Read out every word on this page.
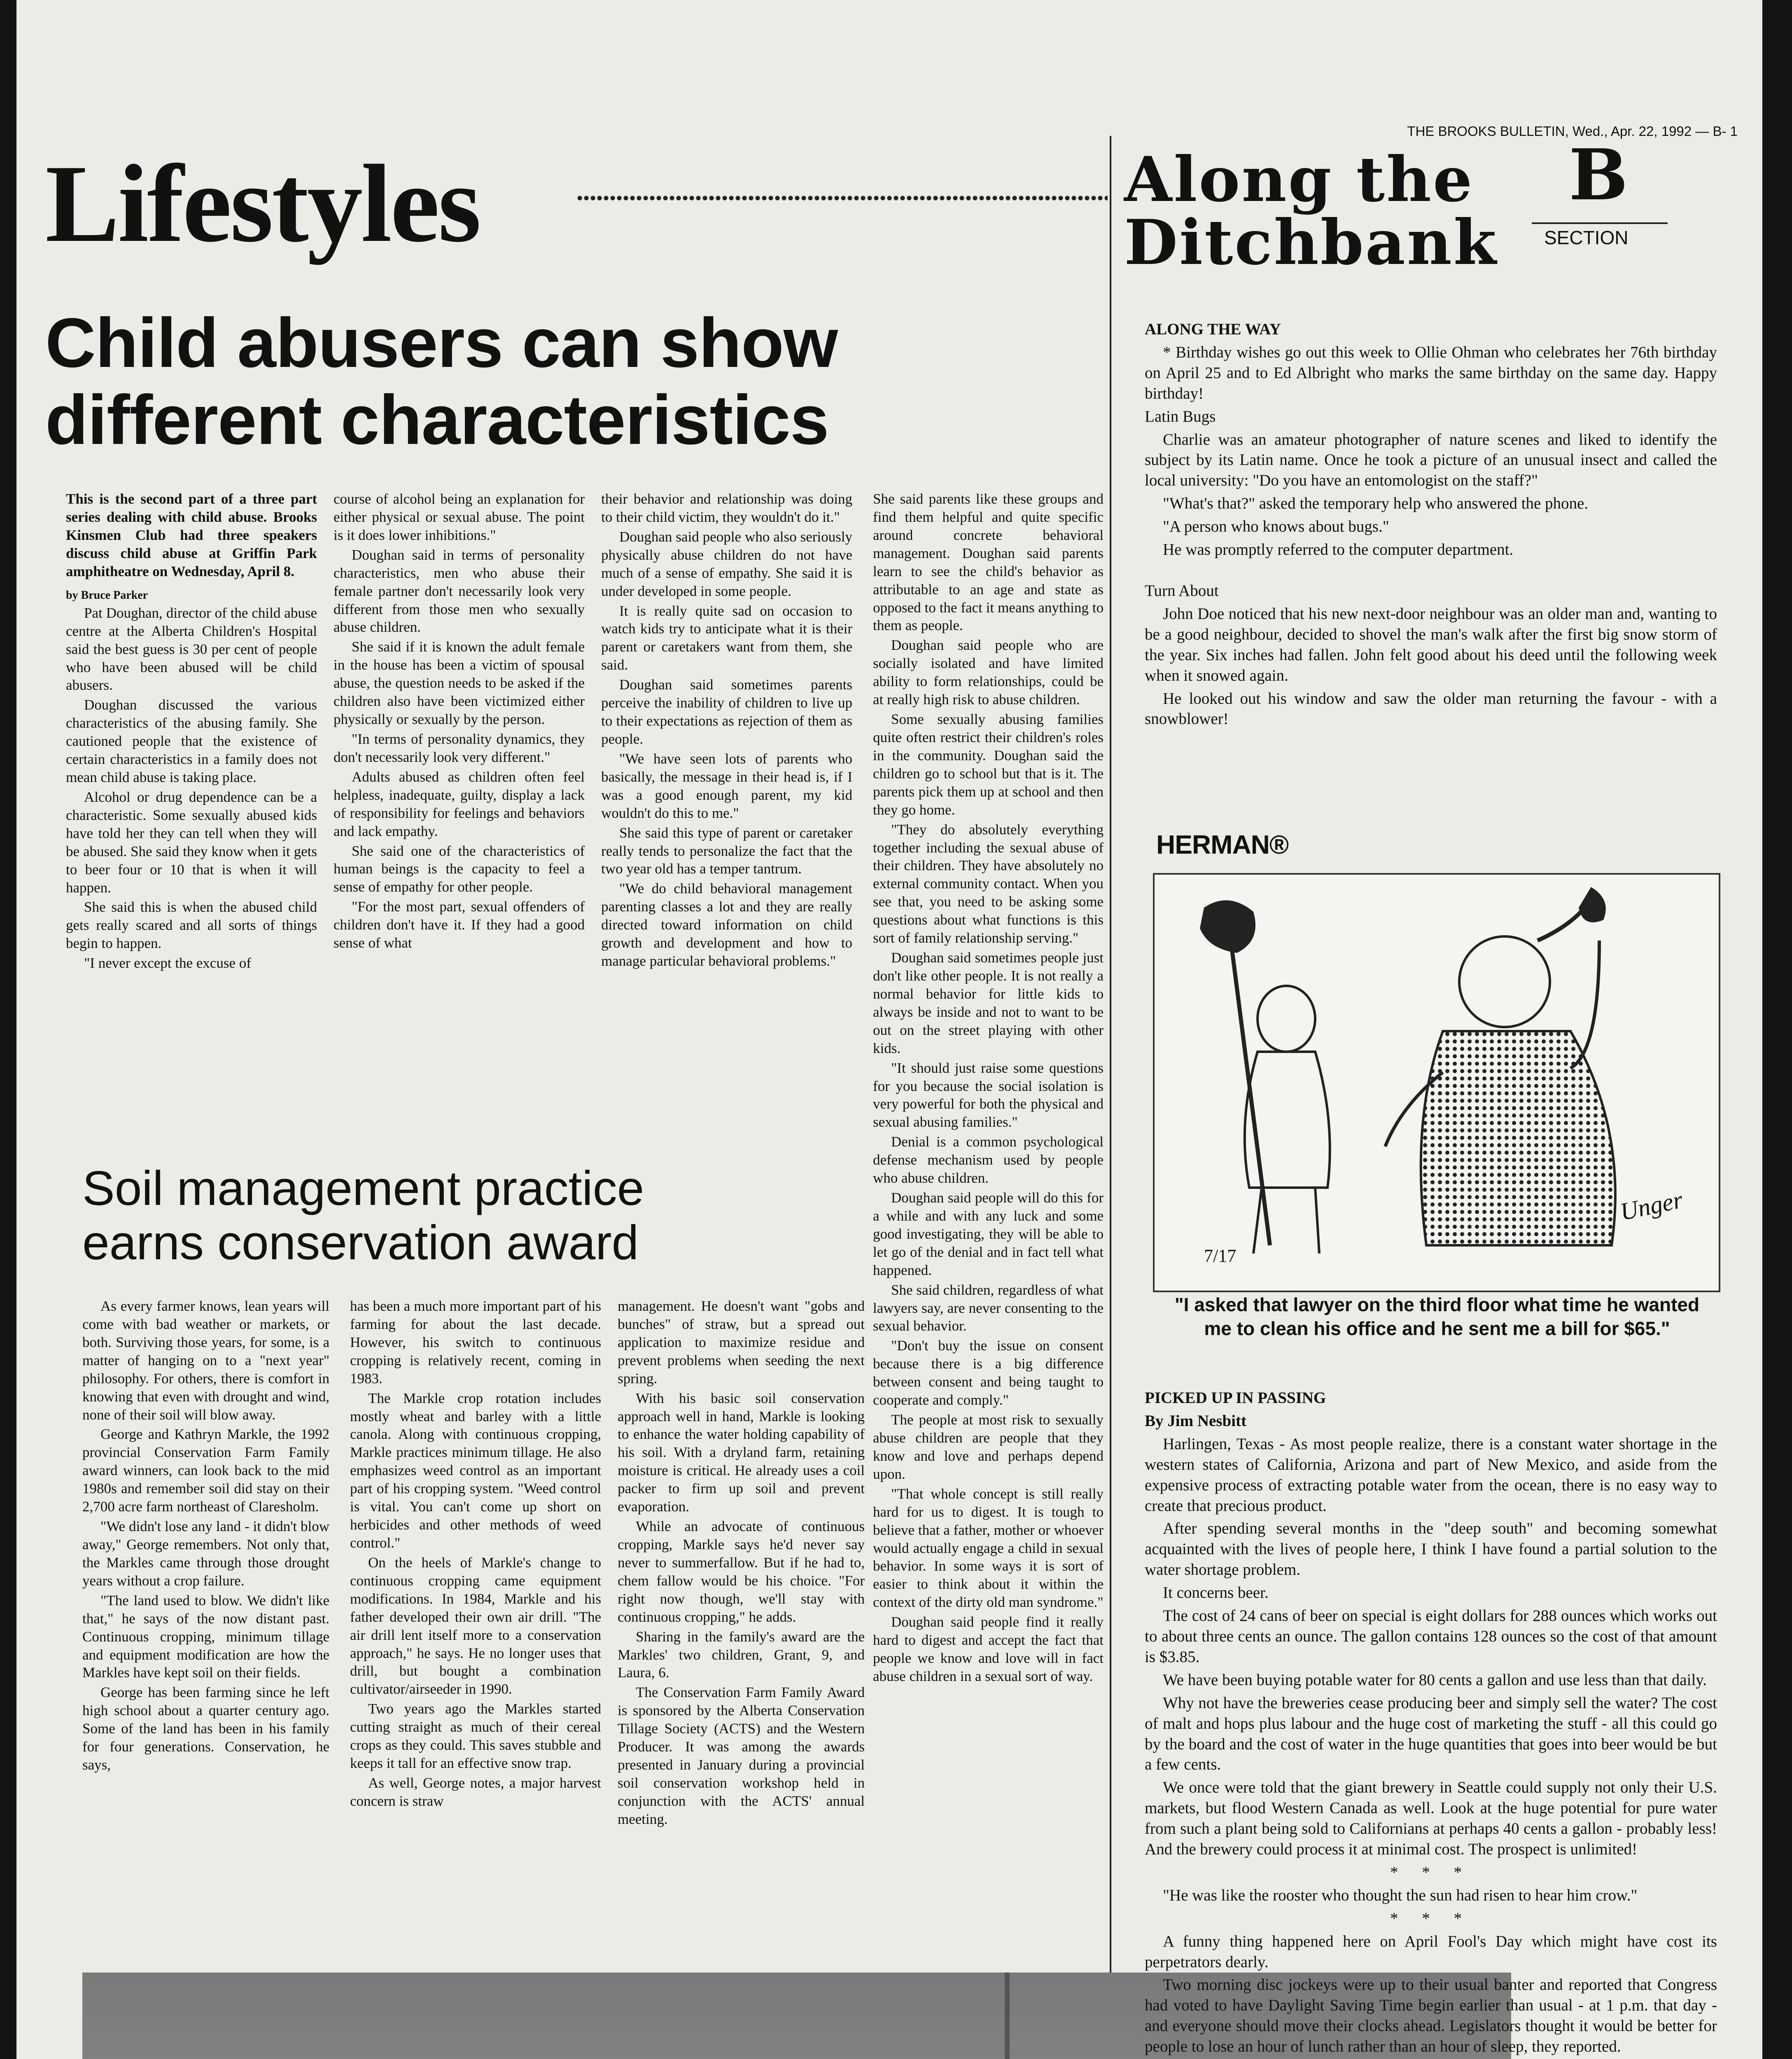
THE BROOKS BULLETIN, Wed., Apr. 22, 1992 — B- 1
Lifestyles
Child abusers can show
different characteristics

This is the second part of a three part series dealing with child abuse. Brooks Kinsmen Club had three speakers discuss child abuse at Griffin Park amphitheatre on Wednesday, April 8.

by Bruce Parker

Pat Doughan, director of the child abuse centre at the Alberta Children's Hospital said the best guess is 30 per cent of people who have been abused will be child abusers.

Doughan discussed the various characteristics of the abusing family. She cautioned people that the existence of certain characteristics in a family does not mean child abuse is taking place.

Alcohol or drug dependence can be a characteristic. Some sexually abused kids have told her they can tell when they will be abused. She said they know when it gets to beer four or 10 that is when it will happen.

She said this is when the abused child gets really scared and all sorts of things begin to happen.

"I never except the excuse of

course of alcohol being an explanation for either physical or sexual abuse. The point is it does lower inhibitions."

Doughan said in terms of personality characteristics, men who abuse their female partner don't necessarily look very different from those men who sexually abuse children.

She said if it is known the adult female in the house has been a victim of spousal abuse, the question needs to be asked if the children also have been victimized either physically or sexually by the person.

"In terms of personality dynamics, they don't necessarily look very different."

Adults abused as children often feel helpless, inadequate, guilty, display a lack of responsibility for feelings and behaviors and lack empathy.

She said one of the characteristics of human beings is the capacity to feel a sense of empathy for other people.

"For the most part, sexual offenders of children don't have it. If they had a good sense of what

their behavior and relationship was doing to their child victim, they wouldn't do it."

Doughan said people who also seriously physically abuse children do not have much of a sense of empathy. She said it is under developed in some people.

It is really quite sad on occasion to watch kids try to anticipate what it is their parent or caretakers want from them, she said.

Doughan said sometimes parents perceive the inability of children to live up to their expectations as rejection of them as people.

"We have seen lots of parents who basically, the message in their head is, if I was a good enough parent, my kid wouldn't do this to me."

She said this type of parent or caretaker really tends to personalize the fact that the two year old has a temper tantrum.

"We do child behavioral management parenting classes a lot and they are really directed toward information on child growth and development and how to manage particular behavioral problems."

She said parents like these groups and find them helpful and quite specific around concrete behavioral management. Doughan said parents learn to see the child's behavior as attributable to an age and state as opposed to the fact it means anything to them as people.

Doughan said people who are socially isolated and have limited ability to form relationships, could be at really high risk to abuse children.

Some sexually abusing families quite often restrict their children's roles in the community. Doughan said the children go to school but that is it. The parents pick them up at school and then they go home.

"They do absolutely everything together including the sexual abuse of their children. They have absolutely no external community contact. When you see that, you need to be asking some questions about what functions is this sort of family relationship serving."

Doughan said sometimes people just don't like other people. It is not really a normal behavior for little kids to always be inside and not to want to be out on the street playing with other kids.

"It should just raise some questions for you because the social isolation is very powerful for both the physical and sexual abusing families."

Denial is a common psychological defense mechanism used by people who abuse children.

Doughan said people will do this for a while and with any luck and some good investigating, they will be able to let go of the denial and in fact tell what happened.

She said children, regardless of what lawyers say, are never consenting to the sexual behavior.

"Don't buy the issue on consent because there is a big difference between consent and being taught to cooperate and comply."

The people at most risk to sexually abuse children are people that they know and love and perhaps depend upon.

"That whole concept is still really hard for us to digest. It is tough to believe that a father, mother or whoever would actually engage a child in sexual behavior. In some ways it is sort of easier to think about it within the context of the dirty old man syndrome."

Doughan said people find it really hard to digest and accept the fact that people we know and love will in fact abuse children in a sexual sort of way.

Soil management practice
earns conservation award

As every farmer knows, lean years will come with bad weather or markets, or both. Surviving those years, for some, is a matter of hanging on to a "next year" philosophy. For others, there is comfort in knowing that even with drought and wind, none of their soil will blow away.

George and Kathryn Markle, the 1992 provincial Conservation Farm Family award winners, can look back to the mid 1980s and remember soil did stay on their 2,700 acre farm northeast of Claresholm.

"We didn't lose any land - it didn't blow away," George remembers. Not only that, the Markles came through those drought years without a crop failure.

"The land used to blow. We didn't like that," he says of the now distant past. Continuous cropping, minimum tillage and equipment modification are how the Markles have kept soil on their fields.

George has been farming since he left high school about a quarter century ago. Some of the land has been in his family for four generations. Conservation, he says,

has been a much more important part of his farming for about the last decade. However, his switch to continuous cropping is relatively recent, coming in 1983.

The Markle crop rotation includes mostly wheat and barley with a little canola. Along with continuous cropping, Markle practices minimum tillage. He also emphasizes weed control as an important part of his cropping system. "Weed control is vital. You can't come up short on herbicides and other methods of weed control."

On the heels of Markle's change to continuous cropping came equipment modifications. In 1984, Markle and his father developed their own air drill. "The air drill lent itself more to a conservation approach," he says. He no longer uses that drill, but bought a combination cultivator/airseeder in 1990.

Two years ago the Markles started cutting straight as much of their cereal crops as they could. This saves stubble and keeps it tall for an effective snow trap.

As well, George notes, a major harvest concern is straw

management. He doesn't want "gobs and bunches" of straw, but a spread out application to maximize residue and prevent problems when seeding the next spring.

With his basic soil conservation approach well in hand, Markle is looking to enhance the water holding capability of his soil. With a dryland farm, retaining moisture is critical. He already uses a coil packer to firm up soil and prevent evaporation.

While an advocate of continuous cropping, Markle says he'd never say never to summerfallow. But if he had to, chem fallow would be his choice. "For right now though, we'll stay with continuous cropping," he adds.

Sharing in the family's award are the Markles' two children, Grant, 9, and Laura, 6.

The Conservation Farm Family Award is sponsored by the Alberta Conservation Tillage Society (ACTS) and the Western Producer. It was among the awards presented in January during a provincial soil conservation workshop held in conjunction with the ACTS' annual meeting.

Along the
Ditchbank
B
SECTION

ALONG THE WAY

* Birthday wishes go out this week to Ollie Ohman who celebrates her 76th birthday on April 25 and to Ed Albright who marks the same birthday on the same day. Happy birthday!

Latin Bugs

Charlie was an amateur photographer of nature scenes and liked to identify the subject by its Latin name. Once he took a picture of an unusual insect and called the local university: "Do you have an entomologist on the staff?"

"What's that?" asked the temporary help who answered the phone.

"A person who knows about bugs."

He was promptly referred to the computer department.

Turn About

John Doe noticed that his new next-door neighbour was an older man and, wanting to be a good neighbour, decided to shovel the man's walk after the first big snow storm of the year. Six inches had fallen. John felt good about his deed until the following week when it snowed again.

He looked out his window and saw the older man returning the favour - with a snowblower!

HERMAN®
7/17
Unger
"I asked that lawyer on the third floor what time he wanted me to clean his office and he sent me a bill for $65."

PICKED UP IN PASSING

By Jim Nesbitt

Harlingen, Texas - As most people realize, there is a constant water shortage in the western states of California, Arizona and part of New Mexico, and aside from the expensive process of extracting potable water from the ocean, there is no easy way to create that precious product.

After spending several months in the "deep south" and becoming somewhat acquainted with the lives of people here, I think I have found a partial solution to the water shortage problem.

It concerns beer.

The cost of 24 cans of beer on special is eight dollars for 288 ounces which works out to about three cents an ounce. The gallon contains 128 ounces so the cost of that amount is $3.85.

We have been buying potable water for 80 cents a gallon and use less than that daily.

Why not have the breweries cease producing beer and simply sell the water? The cost of malt and hops plus labour and the huge cost of marketing the stuff - all this could go by the board and the cost of water in the huge quantities that goes into beer would be but a few cents.

We once were told that the giant brewery in Seattle could supply not only their U.S. markets, but flood Western Canada as well. Look at the huge potential for pure water from such a plant being sold to Californians at perhaps 40 cents a gallon - probably less! And the brewery could process it at minimal cost. The prospect is unlimited!

* * *

"He was like the rooster who thought the sun had risen to hear him crow."

* * *

A funny thing happened here on April Fool's Day which might have cost its perpetrators dearly.

Two morning disc jockeys were up to their usual banter and reported that Congress had voted to have Daylight Saving Time begin earlier than usual - at 1 p.m. that day - and everyone should move their clocks ahead. Legislators thought it would be better for people to lose an hour of lunch rather than an hour of sleep, they reported.
